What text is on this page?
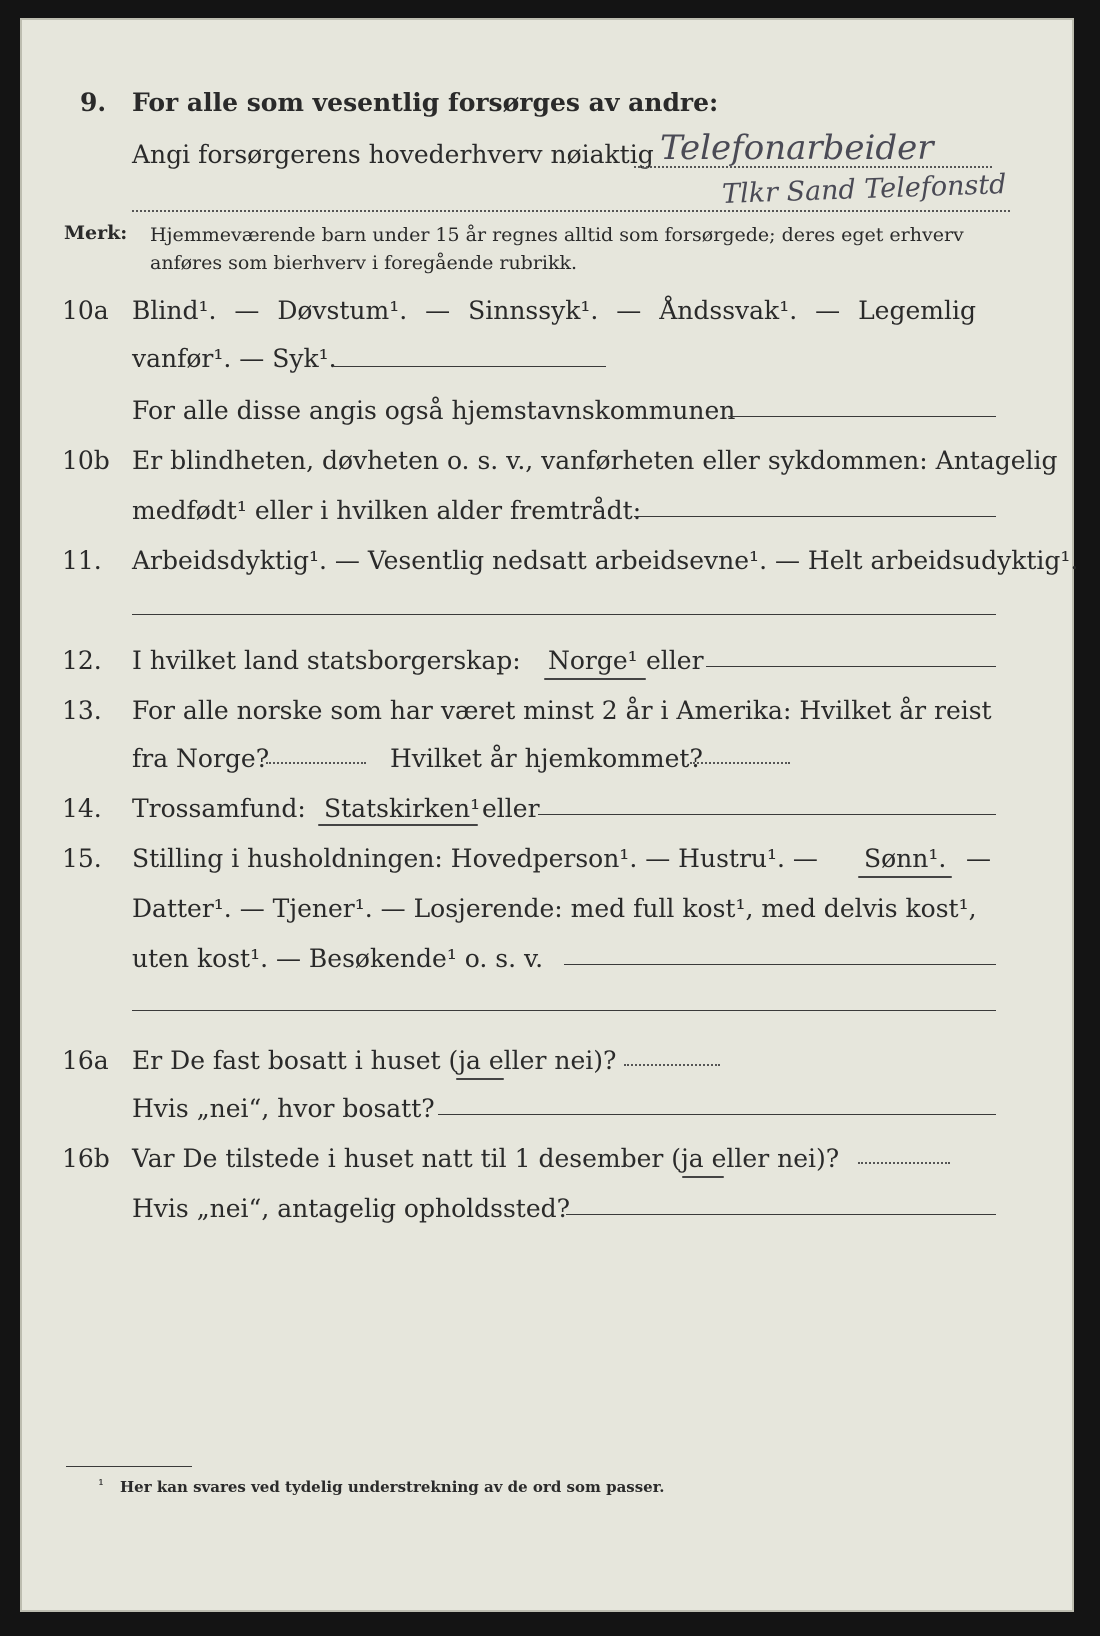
9. For alle som vesentlig forsørges av andre:
Angi forsørgerens hovederhverv nøiaktig Telefonarbeider
Tlkr Sand Telefonstd
Merk: Hjemmeværende barn under 15 år regnes alltid som forsørgede; deres eget erhverv
anføres som bierhverv i foregående rubrikk.
10a Blind¹. — Døvstum¹. — Sinnssyk¹. — Åndssvak¹. — Legemlig
vanfør¹. — Syk¹.
For alle disse angis også hjemstavnskommunen
10b Er blindheten, døvheten o. s. v., vanførheten eller sykdommen: Antagelig
medfødt¹ eller i hvilken alder fremtrådt:
11. Arbeidsdyktig¹. — Vesentlig nedsatt arbeidsevne¹. — Helt arbeidsudyktig¹.
12. I hvilket land statsborgerskap: Norge¹ eller
13. For alle norske som har været minst 2 år i Amerika: Hvilket år reist
fra Norge?	Hvilket år hjemkommet?
14. Trossamfund: Statskirken¹ eller
15. Stilling i husholdningen: Hovedperson¹. — Hustru¹. — Sønn¹. —
Datter¹. — Tjener¹. — Losjerende: med full kost¹, med delvis kost¹,
uten kost¹. — Besøkende¹ o. s. v.
16a Er De fast bosatt i huset (ja eller nei)?
Hvis „nei“, hvor bosatt?
16b Var De tilstede i huset natt til 1 desember (ja eller nei)?
Hvis „nei“, antagelig opholdssted?
¹ Her kan svares ved tydelig understrekning av de ord som passer.
